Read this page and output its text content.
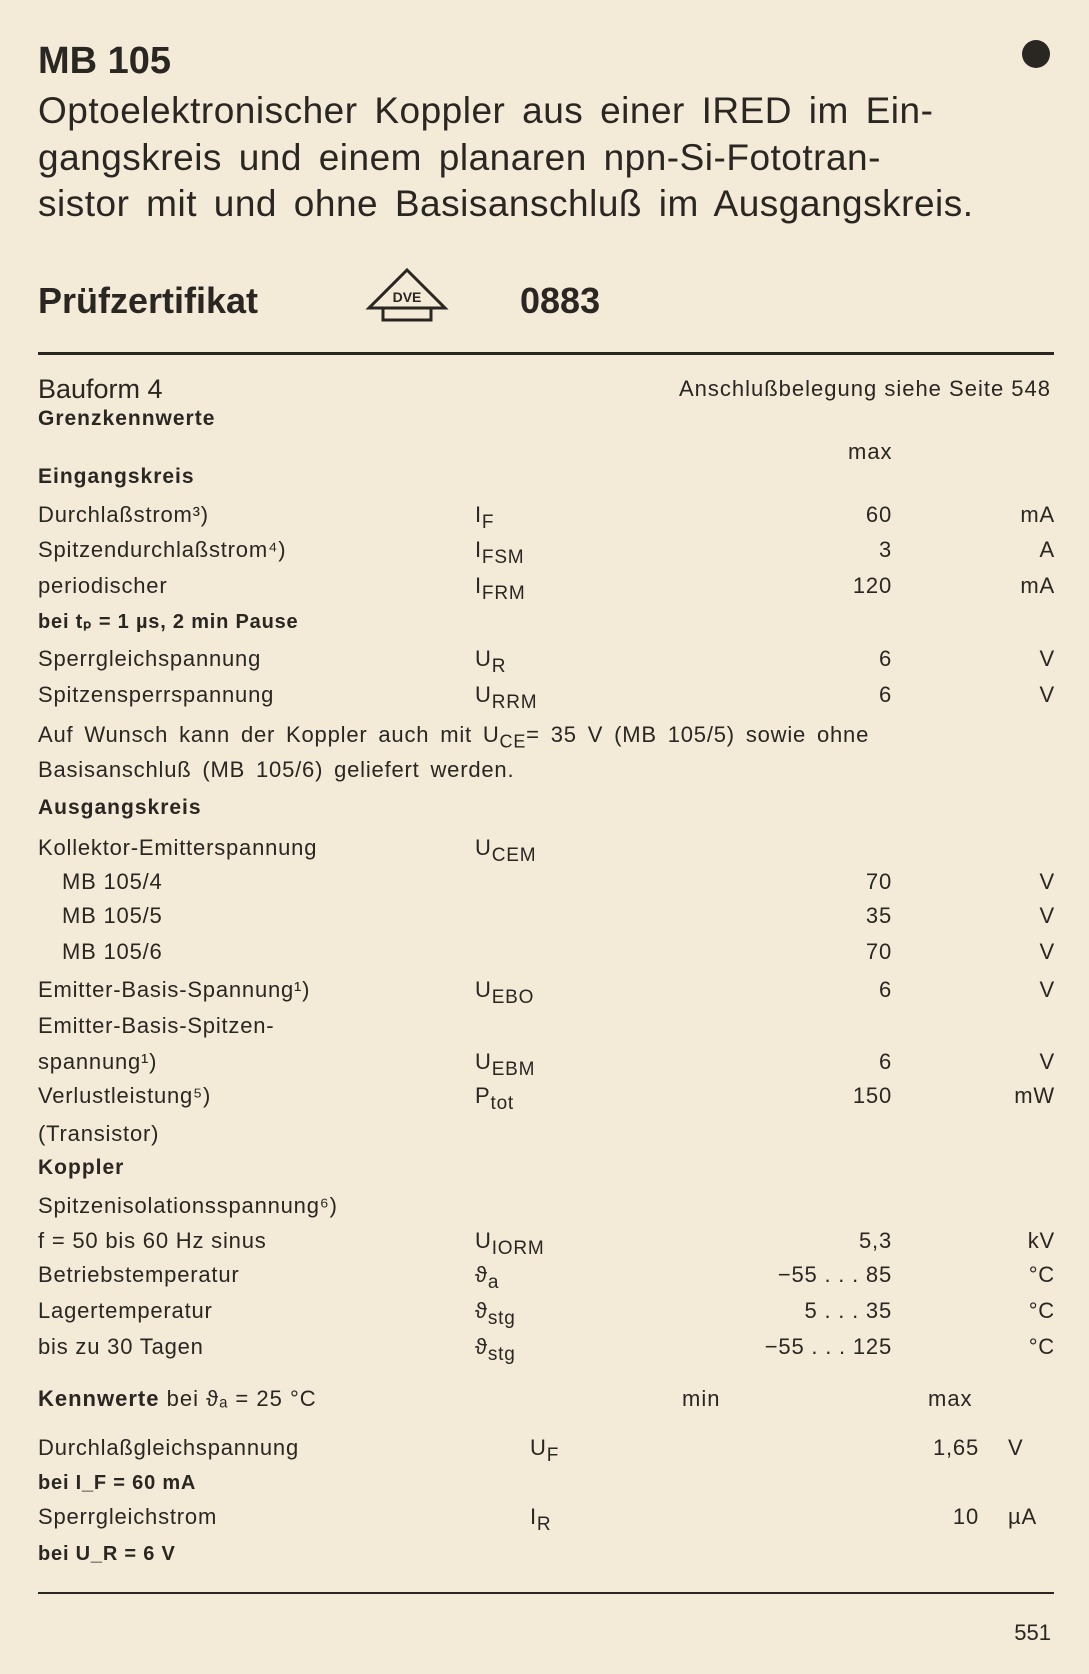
MB 105
Optoelektronischer Koppler aus einer IRED im Ein-
gangskreis und einem planaren npn-Si-Fototran-
sistor mit und ohne Basisanschluß im Ausgangskreis.
Prüfzertifikat	DVE	0883
Bauform 4	Anschlußbelegung siehe Seite 548
Grenzkennwerte
max
Eingangskreis
Durchlaßstrom³)	$I_F$	60	mA
Spitzendurchlaßstrom⁴)	$I_{FSM}$	3	A
periodischer	$I_{FRM}$	120	mA
bei tₚ = 1 µs, 2 min Pause
Sperrgleichspannung	$U_R$	6	V
Spitzensperrspannung	$U_{RRM}$	6	V
Auf Wunsch kann der Koppler auch mit $U_{CE}= 35$ V (MB 105/5) sowie ohne
Basisanschluß (MB 105/6) geliefert werden.
Ausgangskreis
Kollektor-Emitterspannung	$U_{CEM}$
MB 105/4	70	V
MB 105/5	35	V
MB 105/6	70	V
Emitter-Basis-Spannung¹)	$U_{EBO}$	6	V
Emitter-Basis-Spitzen-
spannung¹)	$U_{EBM}$	6	V
Verlustleistung⁵)	$P_{tot}$	150	mW
(Transistor)
Koppler
Spitzenisolationsspannung⁶)
f = 50 bis 60 Hz sinus	$U_{IORM}$	5,3	kV
Betriebstemperatur	$ϑ_a$	−55 . . . 85	°C
Lagertemperatur	$ϑ_{stg}$	5 . . . 35	°C
bis zu 30 Tagen	$ϑ_{stg}$	−55 . . . 125	°C
Kennwerte bei ϑₐ = 25 °C	min	max
Durchlaßgleichspannung	$U_F$	1,65 V
bei I_F = 60 mA
Sperrgleichstrom	$I_R$	10 µA
bei U_R = 6 V
551
